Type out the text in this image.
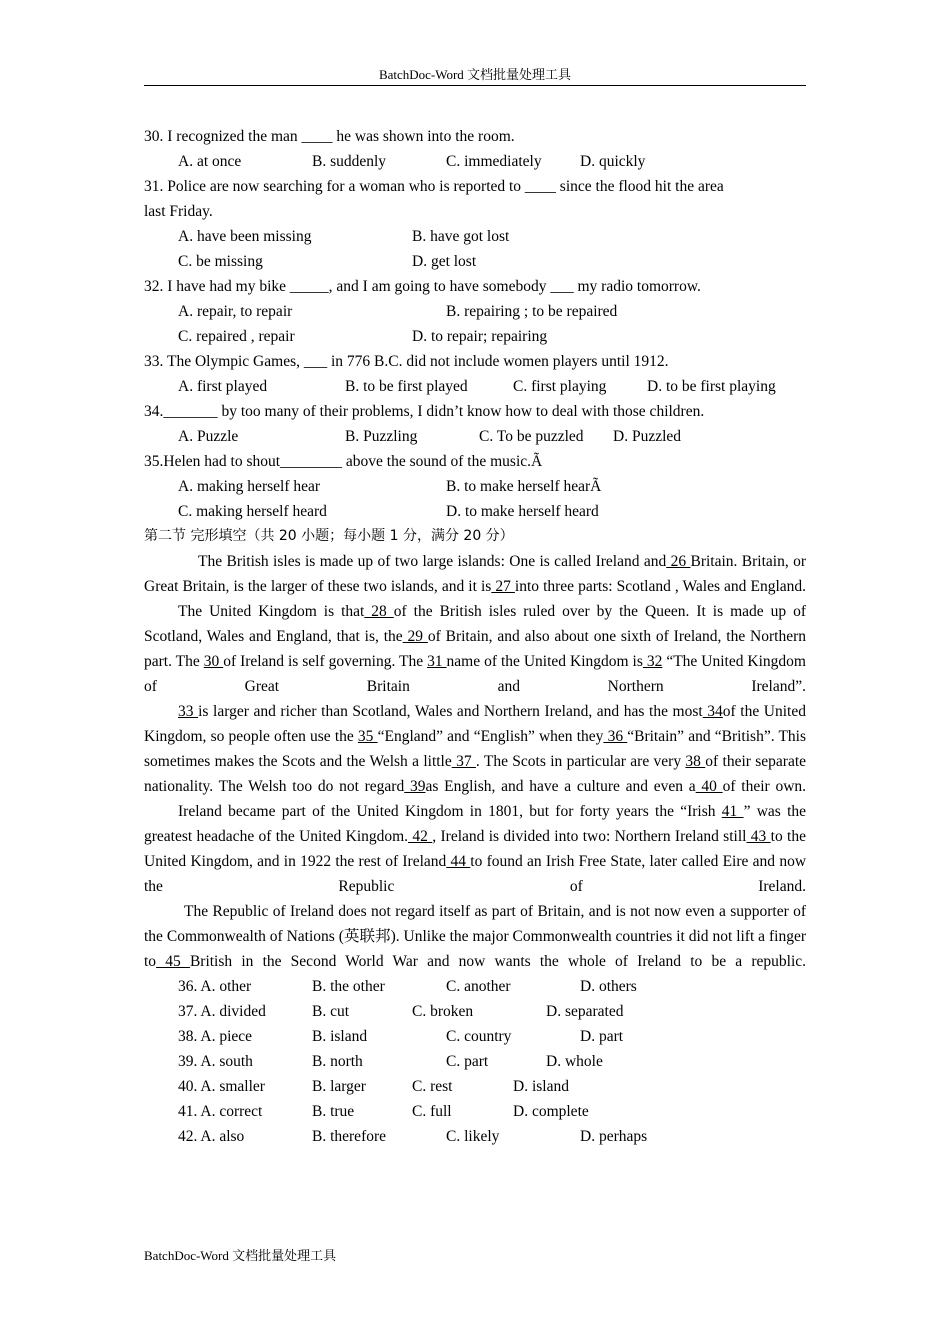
BatchDoc-Word 文档批量处理工具
30. I recognized the man ____ he was shown into the room.
A. at once	B. suddenly	C. immediately D. quickly
31. Police are now searching for a woman who is reported to ____ since the flood hit the area
last Friday.
A. have been missing	B. have got lost
C. be missing	D. get lost
32. I have had my bike _____, and I am going to have somebody ___ my radio tomorrow.
A. repair, to repair	B. repairing ; to be repaired
C. repaired , repair	D. to repair; repairing
33. The Olympic Games, ___ in 776 B.C. did not include women players until 1912.
A. first played	B. to be first played	C. first playing	D. to be first playing
34._______ by too many of their problems, I didn’t know how to deal with those children.
A. Puzzle	B. Puzzling	C. To be puzzled D. Puzzled
35.Helen had to shout________ above the sound of the music.Ã
A. making herself hear	B. to make herself hearÃ
C. making herself heard	D. to make herself heard
第二节 完形填空（共 20 小题；每小题 1 分，满分 20 分）
The British isles is made up of two large islands: One is called Ireland and 26 Britain. Britain, or Great Britain, is the larger of these two islands, and it is 27 into three parts: Scotland , Wales and England.
The United Kingdom is that 28 of the British isles ruled over by the Queen. It is made up of Scotland, Wales and England, that is, the 29 of Britain, and also about one sixth of Ireland, the Northern part. The 30 of Ireland is self governing. The 31 name of the United Kingdom is 32 “The United Kingdom of Great Britain and Northern Ireland”.
33 is larger and richer than Scotland, Wales and Northern Ireland, and has the most 34of the United Kingdom, so people often use the 35 “England” and “English” when they 36 “Britain” and “British”. This sometimes makes the Scots and the Welsh a little 37 . The Scots in particular are very 38 of their separate nationality. The Welsh too do not regard 39as English, and have a culture and even a 40 of their own.
Ireland became part of the United Kingdom in 1801, but for forty years the “Irish 41 ” was the greatest headache of the United Kingdom. 42 , Ireland is divided into two: Northern Ireland still 43 to the United Kingdom, and in 1922 the rest of Ireland 44 to found an Irish Free State, later called Eire and now the Republic of Ireland.
The Republic of Ireland does not regard itself as part of Britain, and is not now even a supporter of the Commonwealth of Nations (英联邦). Unlike the major Commonwealth countries it did not lift a finger to 45 British in the Second World War and now wants the whole of Ireland to be a republic.
36. A. other	B. the other	C. another	D. others
37. A. divided	B. cut	C. broken	D. separated
38. A. piece	B. island	C. country	D. part
39. A. south	B. north	C. part	D. whole
40. A. smaller	B. larger	C. rest	D. island
41. A. correct	B. true	C. full	D. complete
42. A. also	B. therefore	C. likely	D. perhaps
BatchDoc-Word 文档批量处理工具
